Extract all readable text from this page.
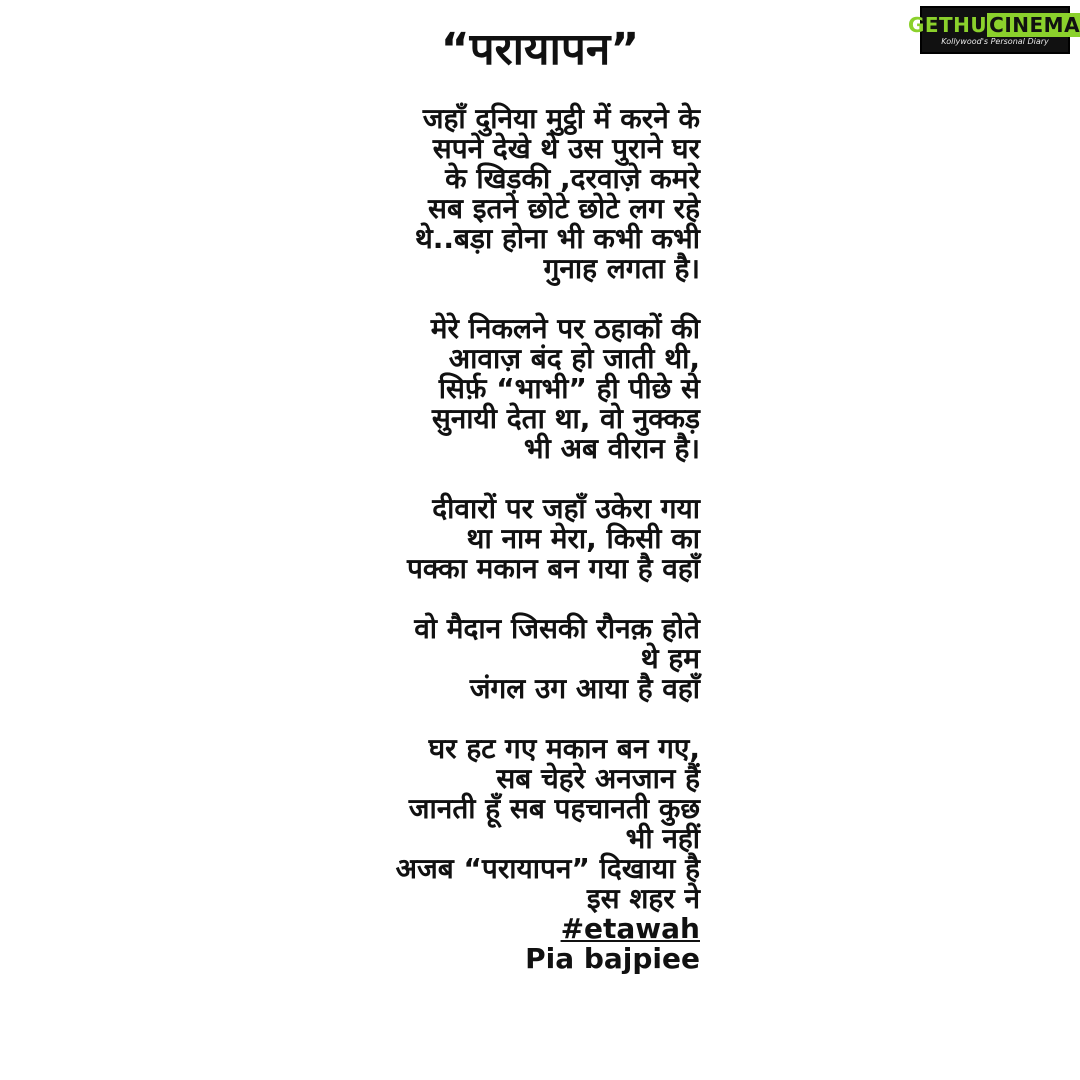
GETHU CINEMA
Kollywood's Personal Diary
“परायापन”
जहाँ दुनिया मुट्ठी में करने के
सपने देखे थे उस पुराने घर
के खिड़की ,दरवाज़े कमरे
सब इतने छोटे छोटे लग रहे
थे..बड़ा होना भी कभी कभी
गुनाह लगता है।
मेरे निकलने पर ठहाकों की
आवाज़ बंद हो जाती थी,
सिर्फ़ “भाभी” ही पीछे से
सुनायी देता था, वो नुक्कड़
भी अब वीरान है।
दीवारों पर जहाँ उकेरा गया
था नाम मेरा, किसी का
पक्का मकान बन गया है वहाँ
वो मैदान जिसकी रौनक़ होते
थे हम
जंगल उग आया है वहाँ
घर हट गए मकान बन गए,
सब चेहरे अनजान हैं
जानती हूँ सब पहचानती कुछ
भी नहीं
अजब “परायापन” दिखाया है
इस शहर ने
#etawah
Pia bajpiee
